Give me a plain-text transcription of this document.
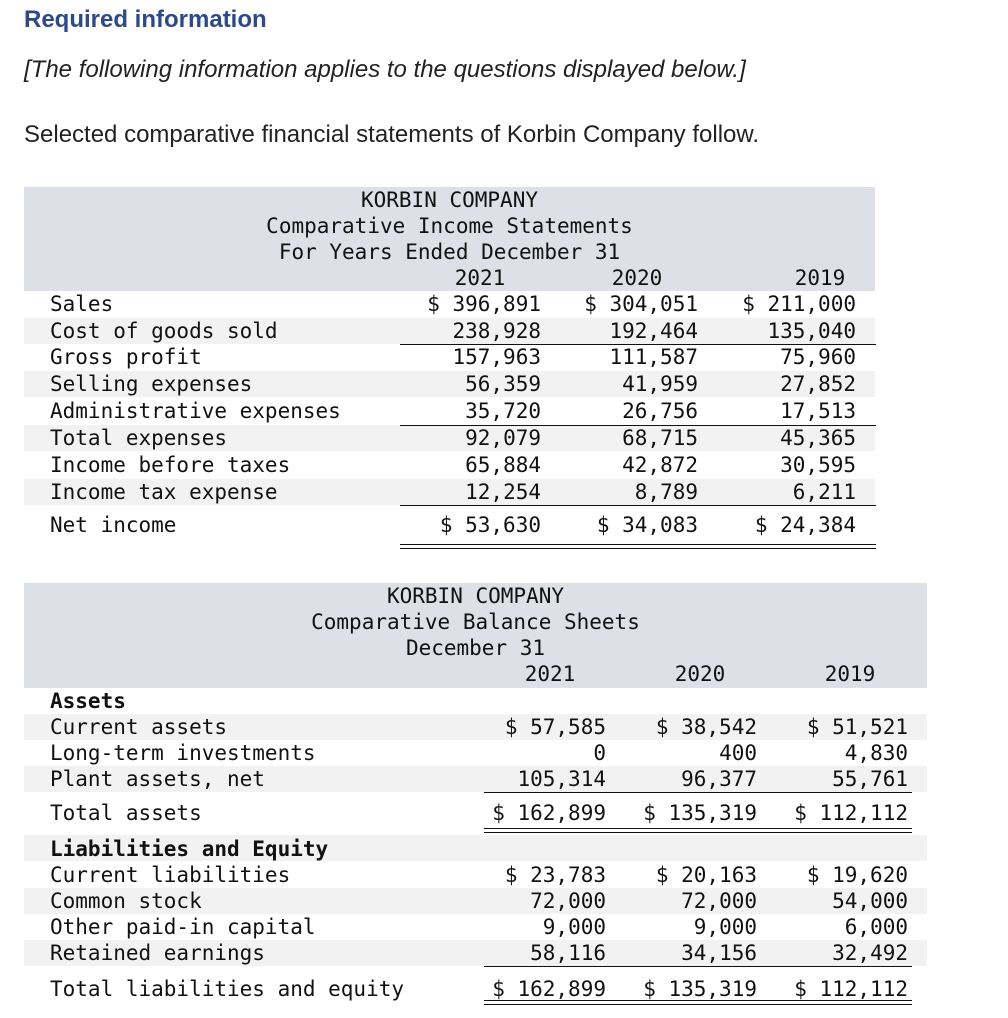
Required information

[The following information applies to the questions displayed below.]

Selected comparative financial statements of Korbin Company follow.

KORBIN COMPANY
Comparative Income Statements
For Years Ended December 31
2021	2020	2019
Sales	$ 396,891	$ 304,051	$ 211,000
Cost of goods sold	238,928	192,464	135,040
Gross profit	157,963	111,587	75,960
Selling expenses	56,359	41,959	27,852
Administrative expenses	35,720	26,756	17,513
Total expenses	92,079	68,715	45,365
Income before taxes	65,884	42,872	30,595
Income tax expense	12,254	8,789	6,211
Net income	$ 53,630	$ 34,083	$ 24,384
KORBIN COMPANY
Comparative Balance Sheets
December 31
2021	2020	2019
Assets
Liabilities and Equity
Current assets	$ 57,585	$ 38,542	$ 51,521
Long-term investments	0	400	4,830
Plant assets, net	105,314	96,377	55,761
Total assets	$ 162,899	$ 135,319	$ 112,112
Current liabilities	$ 23,783	$ 20,163	$ 19,620
Common stock	72,000	72,000	54,000
Other paid-in capital	9,000	9,000	6,000
Retained earnings	58,116	34,156	32,492
Total liabilities and equity	$ 162,899	$ 135,319	$ 112,112
